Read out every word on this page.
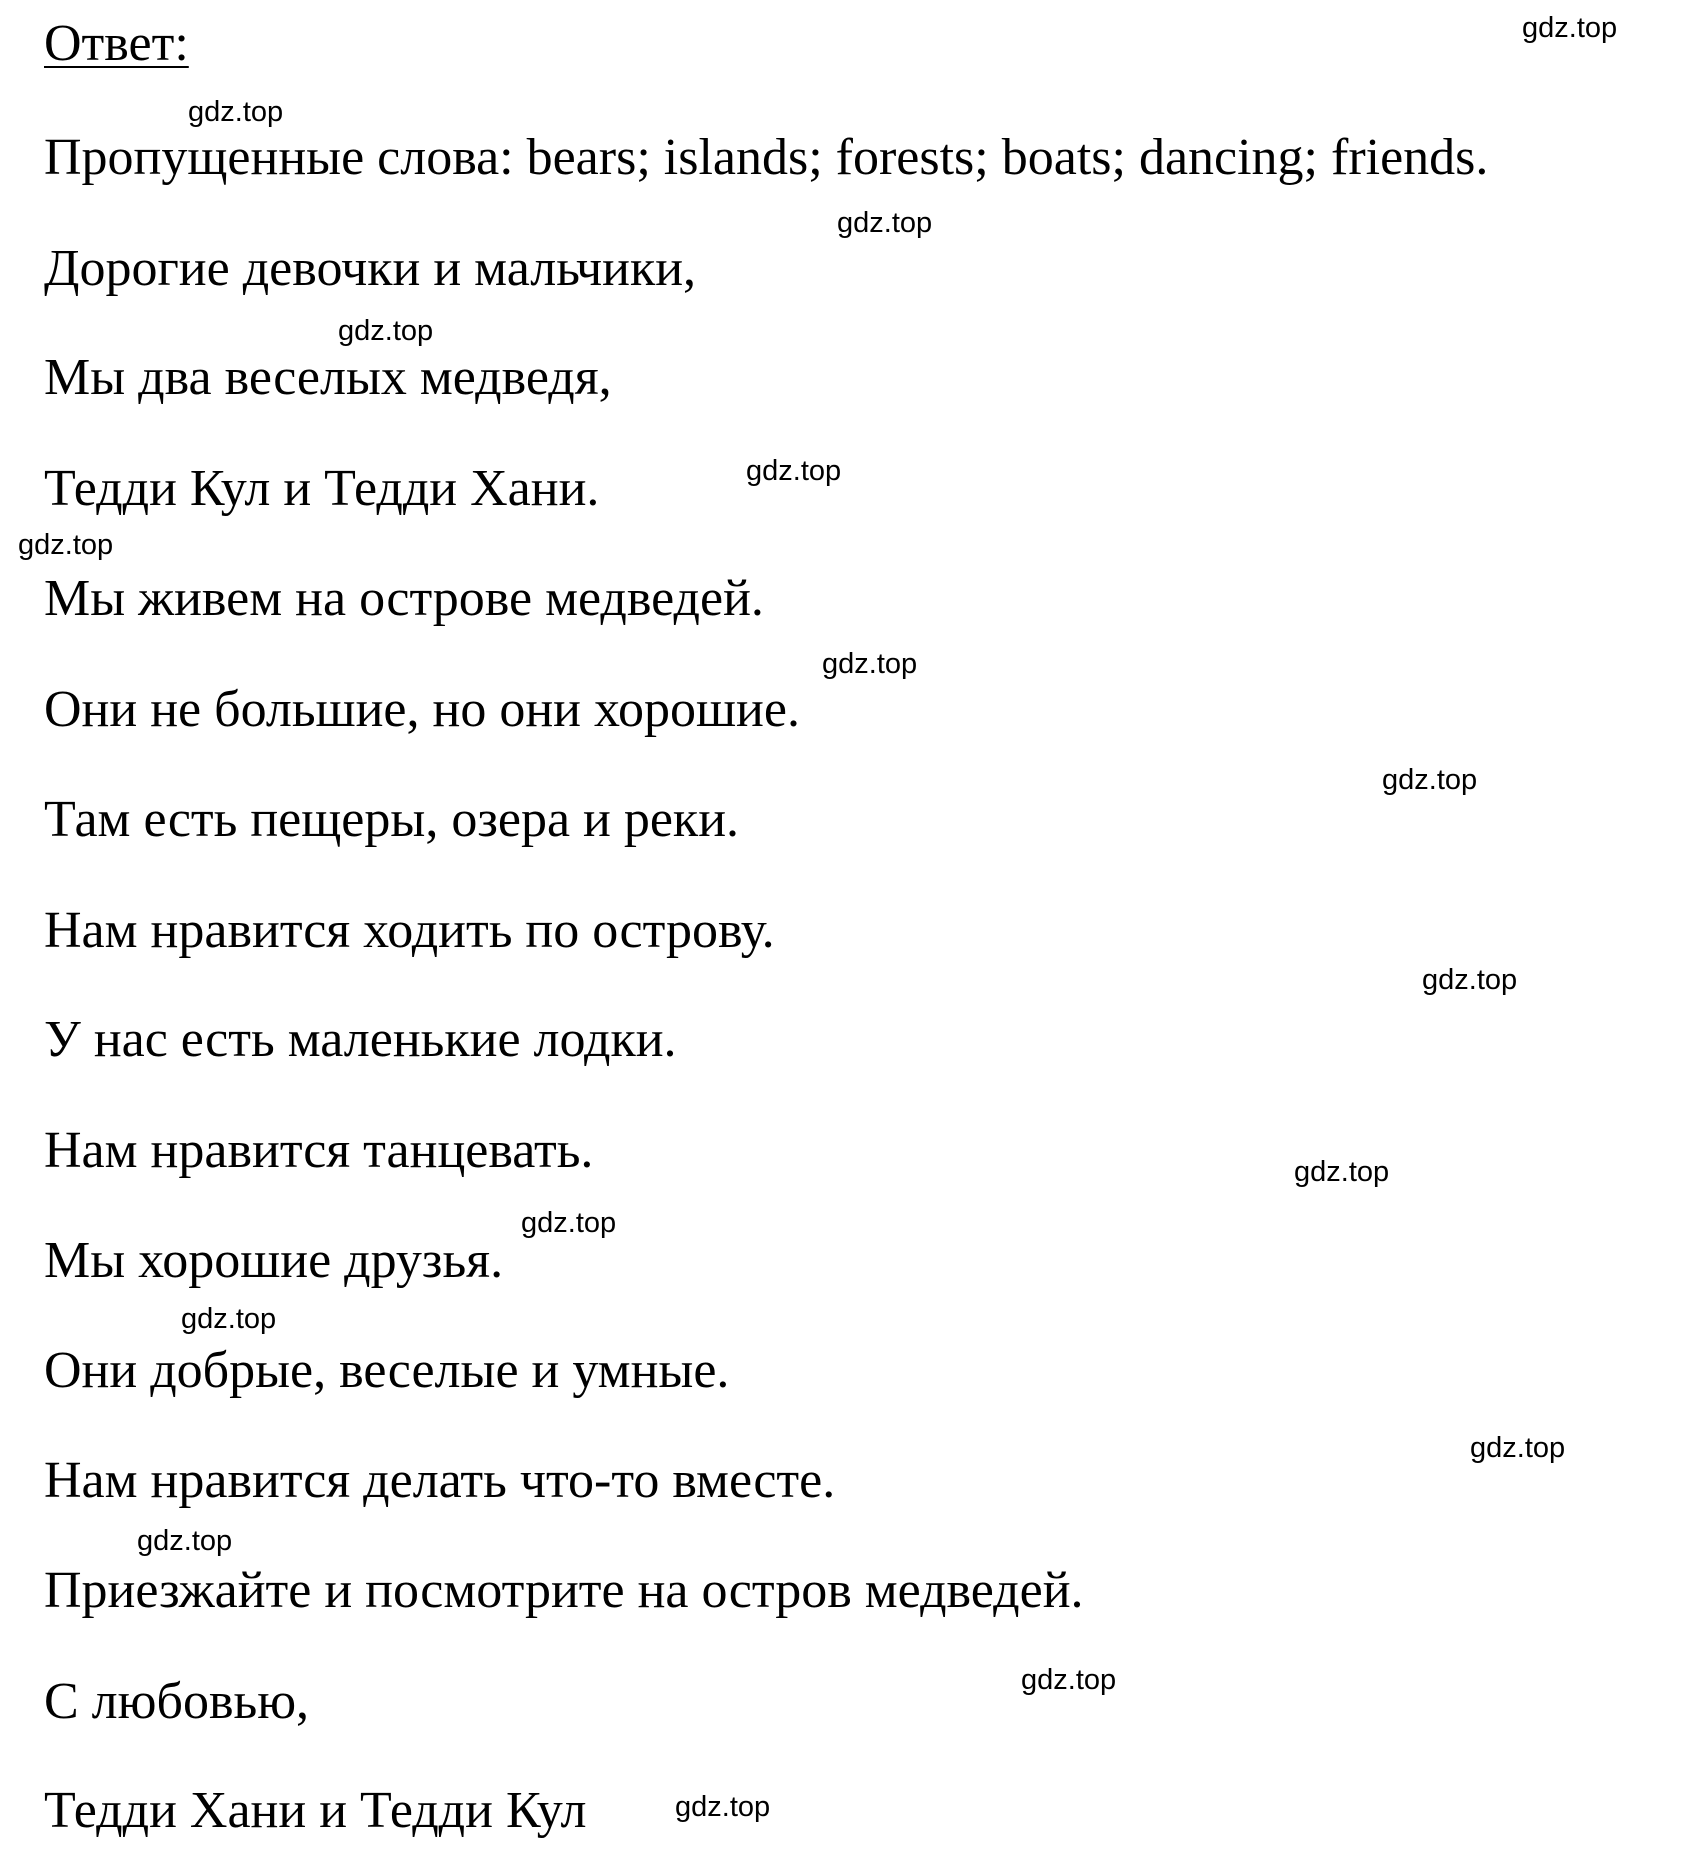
Ответ:
Пропущенные слова: bears; islands; forests; boats; dancing; friends.
Дорогие девочки и мальчики,
Мы два веселых медведя,
Тедди Кул и Тедди Хани.
Мы живем на острове медведей.
Они не большие, но они хорошие.
Там есть пещеры, озера и реки.
Нам нравится ходить по острову.
У нас есть маленькие лодки.
Нам нравится танцевать.
Мы хорошие друзья.
Они добрые, веселые и умные.
Нам нравится делать что-то вместе.
Приезжайте и посмотрите на остров медведей.
С любовью,
Тедди Хани и Тедди Кул
gdz.top
gdz.top
gdz.top
gdz.top
gdz.top
gdz.top
gdz.top
gdz.top
gdz.top
gdz.top
gdz.top
gdz.top
gdz.top
gdz.top
gdz.top
gdz.top
